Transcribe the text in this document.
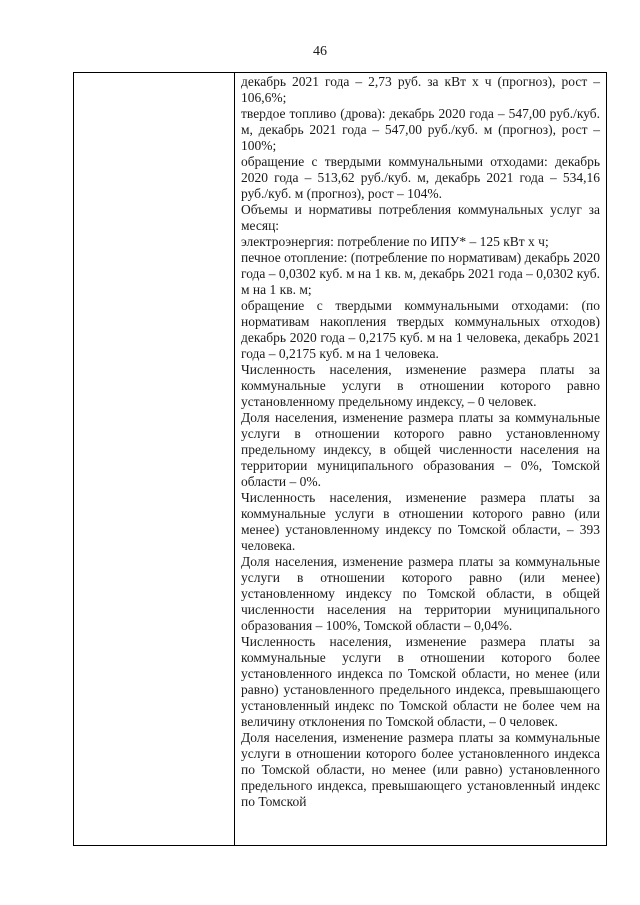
46

декабрь 2021 года – 2,73 руб. за кВт х ч (прогноз), рост – 106,6%;

твердое топливо (дрова): декабрь 2020 года – 547,00 руб./куб. м, декабрь 2021 года – 547,00 руб./куб. м (прогноз), рост – 100%;

обращение с твердыми коммунальными отходами: декабрь 2020 года – 513,62 руб./куб. м, декабрь 2021 года – 534,16 руб./куб. м (прогноз), рост – 104%.

Объемы и нормативы потребления коммунальных услуг за месяц:

электроэнергия: потребление по ИПУ* – 125 кВт х ч;

печное отопление: (потребление по нормативам) декабрь 2020 года – 0,0302 куб. м на 1 кв. м, декабрь 2021 года – 0,0302 куб. м на 1 кв. м;

обращение с твердыми коммунальными отходами: (по нормативам накопления твердых коммунальных отходов) декабрь 2020 года – 0,2175 куб. м на 1 человека, декабрь 2021 года – 0,2175 куб. м на 1 человека.

Численность населения, изменение размера платы за коммунальные услуги в отношении которого равно установленному предельному индексу, – 0 человек.

Доля населения, изменение размера платы за коммунальные услуги в отношении которого равно установленному предельному индексу, в общей численности населения на территории муниципального образования – 0%, Томской области – 0%.

Численность населения, изменение размера платы за коммунальные услуги в отношении которого равно (или менее) установленному индексу по Томской области, – 393 человека.

Доля населения, изменение размера платы за коммунальные услуги в отношении которого равно (или менее) установленному индексу по Томской области, в общей численности населения на территории муниципального образования – 100%, Томской области – 0,04%.

Численность населения, изменение размера платы за коммунальные услуги в отношении которого более установленного индекса по Томской области, но менее (или равно) установленного предельного индекса, превышающего установленный индекс по Томской области не более чем на величину отклонения по Томской области, – 0 человек.

Доля населения, изменение размера платы за коммунальные услуги в отношении которого более установленного индекса по Томской области, но менее (или равно) установленного предельного индекса, превышающего установленный индекс по Томской
